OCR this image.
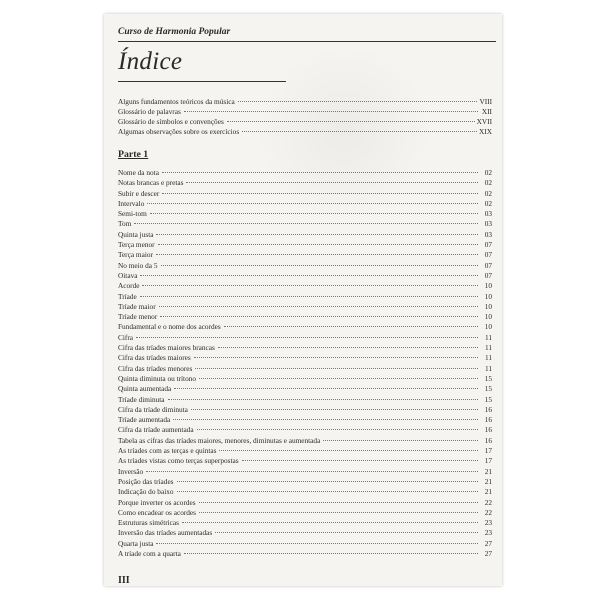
Curso de Harmonia Popular
Índice
Alguns fundamentos teóricos da música	VIII
Glossário de palavras	XII
Glossário de símbolos e convenções	XVII
Algumas observações sobre os exercícios	XIX
Parte 1
Nome da nota	02
Notas brancas e pretas	02
Subir e descer	02
Intervalo	02
Semi-tom	03
Tom	03
Quinta justa	03
Terça menor	07
Terça maior	07
No meio da 5	07
Oitava	07
Acorde	10
Tríade	10
Tríade maior	10
Tríade menor	10
Fundamental e o nome dos acordes	10
Cifra	11
Cifra das tríades maiores brancas	11
Cifra das tríades maiores	11
Cifra das tríades menores	11
Quinta diminuta ou trítono	15
Quinta aumentada	15
Tríade diminuta	15
Cifra da tríade diminuta	16
Tríade aumentada	16
Cifra da tríade aumentada	16
Tabela as cifras das tríades maiores, menores, diminutas e aumentada	16
As tríades com as terças e quintas	17
As tríades vistas como terças superpostas	17
Inversão	21
Posição das tríades	21
Indicação do baixo	21
Porque inverter os acordes	22
Como encadear os acordes	22
Estruturas simétricas	23
Inversão das tríades aumentadas	23
Quarta justa	27
A tríade com a quarta	27
III
